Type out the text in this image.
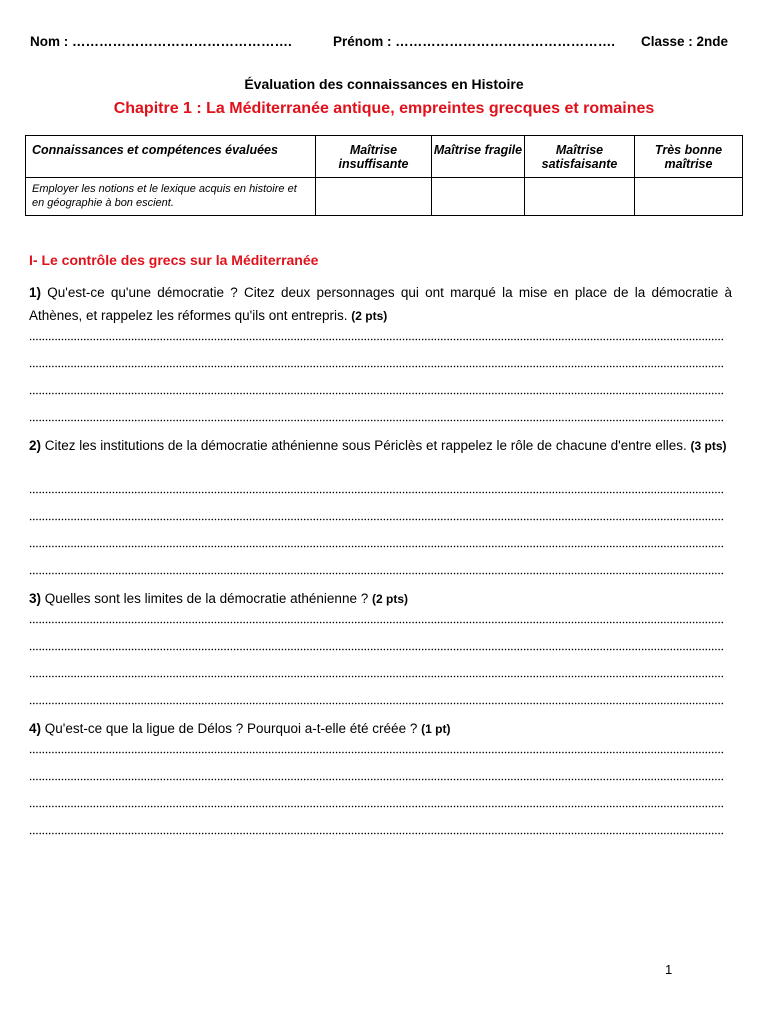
Nom : ………………………………………….	Prénom : …………………………………………. Classe : 2nde
Évaluation des connaissances en Histoire
Chapitre 1 : La Méditerranée antique, empreintes grecques et romaines
Connaissances et compétences évaluées	Maîtrise insuffisante	Maîtrise fragile	Maîtrise satisfaisante	Très bonne maîtrise
Employer les notions et le lexique acquis en histoire et en géographie à bon escient.				
I- Le contrôle des grecs sur la Méditerranée
1) Qu'est-ce qu'une démocratie ? Citez deux personnages qui ont marqué la mise en place de la démocratie à Athènes, et rappelez les réformes qu'ils ont entrepris. (2 pts)
2) Citez les institutions de la démocratie athénienne sous Périclès et rappelez le rôle de chacune d'entre elles. (3 pts)
3) Quelles sont les limites de la démocratie athénienne ? (2 pts)
4) Qu'est-ce que la ligue de Délos ? Pourquoi a-t-elle été créée ? (1 pt)
1
